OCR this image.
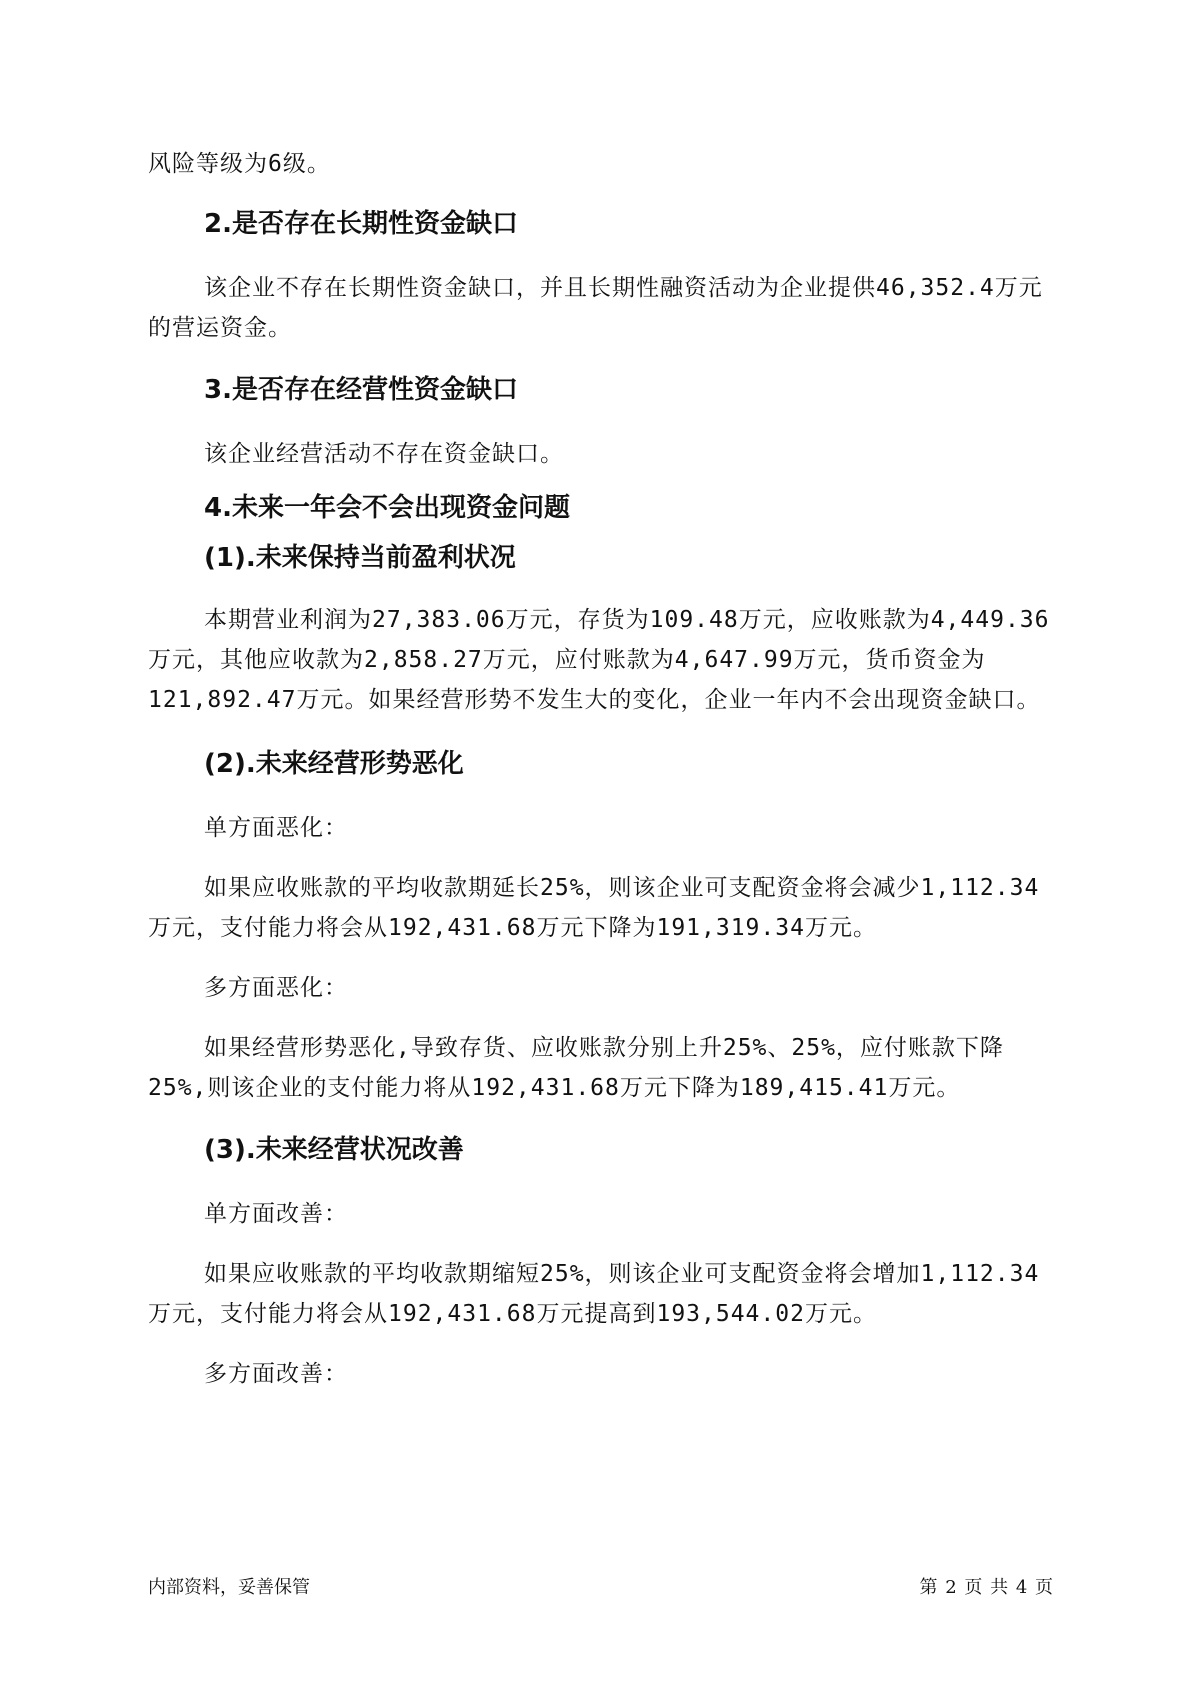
风险等级为6级。

2.是否存在长期性资金缺口

该企业不存在长期性资金缺口，并且长期性融资活动为企业提供46,352.4万元的营运资金。

3.是否存在经营性资金缺口

该企业经营活动不存在资金缺口。

4.未来一年会不会出现资金问题

(1).未来保持当前盈利状况

本期营业利润为27,383.06万元，存货为109.48万元，应收账款为4,449.36万元，其他应收款为2,858.27万元，应付账款为4,647.99万元，货币资金为121,892.47万元。如果经营形势不发生大的变化，企业一年内不会出现资金缺口。

(2).未来经营形势恶化

单方面恶化：

如果应收账款的平均收款期延长25%，则该企业可支配资金将会减少1,112.34万元，支付能力将会从192,431.68万元下降为191,319.34万元。

多方面恶化：

如果经营形势恶化,导致存货、应收账款分别上升25%、25%，应付账款下降25%,则该企业的支付能力将从192,431.68万元下降为189,415.41万元。

(3).未来经营状况改善

单方面改善：

如果应收账款的平均收款期缩短25%，则该企业可支配资金将会增加1,112.34万元，支付能力将会从192,431.68万元提高到193,544.02万元。

多方面改善：

内部资料，妥善保管	第 2 页 共 4 页
